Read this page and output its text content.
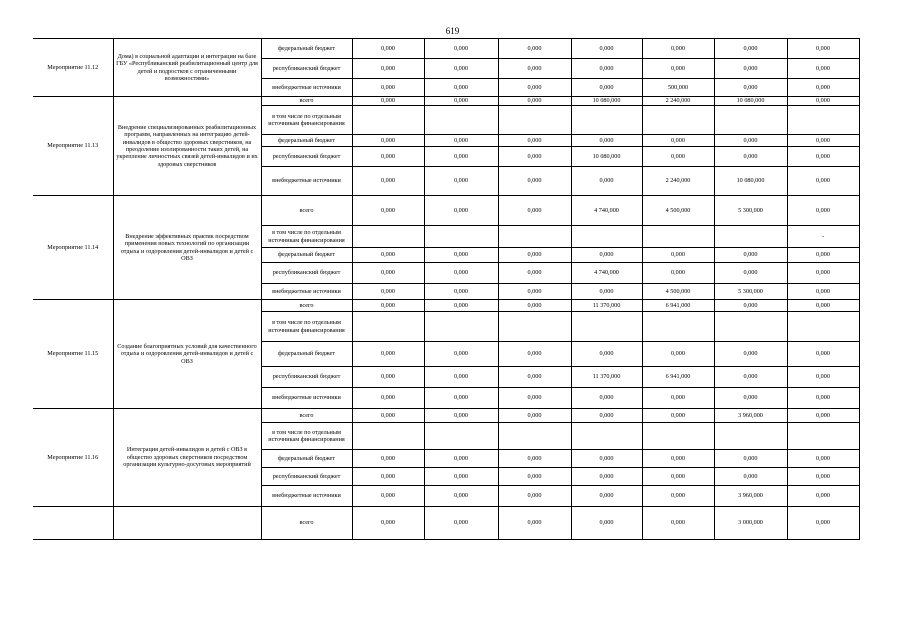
619
Мероприятие 11.12	Дома) в социальной адаптации и интеграции на базе ГБУ «Республиканский реабилитационный центр для детей и подростков с ограниченными возможностями»	федеральный бюджет	0,000	0,000	0,000	0,000	0,000	0,000	0,000
		республиканский бюджет	0,000	0,000	0,000	0,000	0,000	0,000	0,000
		внебюджетные источники	0,000	0,000	0,000	0,000	500,000	0,000	0,000
Мероприятие 11.13	Внедрение специализированных реабилитационных программ, направленных на интеграцию детей-инвалидов в общество здоровых сверстников, на преодоление изолированности таких детей, на укрепление личностных связей детей-инвалидов и их здоровых сверстников	всего	0,000	0,000	0,000	10 080,000	2 240,000	10 080,000	0,000
		в том числе по отдельным источникам финансирования							
		федеральный бюджет	0,000	0,000	0,000	0,000	0,000	0,000	0,000
		республиканский бюджет	0,000	0,000	0,000	10 080,000	0,000	0,000	0,000
		внебюджетные источники	0,000	0,000	0,000	0,000	2 240,000	10 080,000	0,000
Мероприятие 11.14	Внедрение эффективных практик посредством применения новых технологий по организации отдыха и оздоровления детей-инвалидов и детей с ОВЗ	всего	0,000	0,000	0,000	4 740,000	4 500,000	5 300,000	0,000
		в том числе по отдельным источникам финансирования							-
		федеральный бюджет	0,000	0,000	0,000	0,000	0,000	0,000	0,000
		республиканский бюджет	0,000	0,000	0,000	4 740,000	0,000	0,000	0,000
		внебюджетные источники	0,000	0,000	0,000	0,000	4 500,000	5 300,000	0,000
Мероприятие 11.15	Создание благоприятных условий для качественного отдыха и оздоровления детей-инвалидов и детей с ОВЗ	всего	0,000	0,000	0,000	11 370,000	6 941,000	0,000	0,000
		в том числе по отдельным источникам финансирования							
		федеральный бюджет	0,000	0,000	0,000	0,000	0,000	0,000	0,000
		республиканский бюджет	0,000	0,000	0,000	11 370,000	6 941,000	0,000	0,000
		внебюджетные источники	0,000	0,000	0,000	0,000	0,000	0,000	0,000
Мероприятие 11.16	Интеграция детей-инвалидов и детей с ОВЗ в общество здоровых сверстников посредством организации культурно-досуговых мероприятий	всего	0,000	0,000	0,000	0,000	0,000	3 960,000	0,000
		в том числе по отдельным источникам финансирования							
		федеральный бюджет	0,000	0,000	0,000	0,000	0,000	0,000	0,000
		республиканский бюджет	0,000	0,000	0,000	0,000	0,000	0,000	0,000
		внебюджетные источники	0,000	0,000	0,000	0,000	0,000	3 960,000	0,000
		всего	0,000	0,000	0,000	0,000	0,000	3 000,000	0,000
